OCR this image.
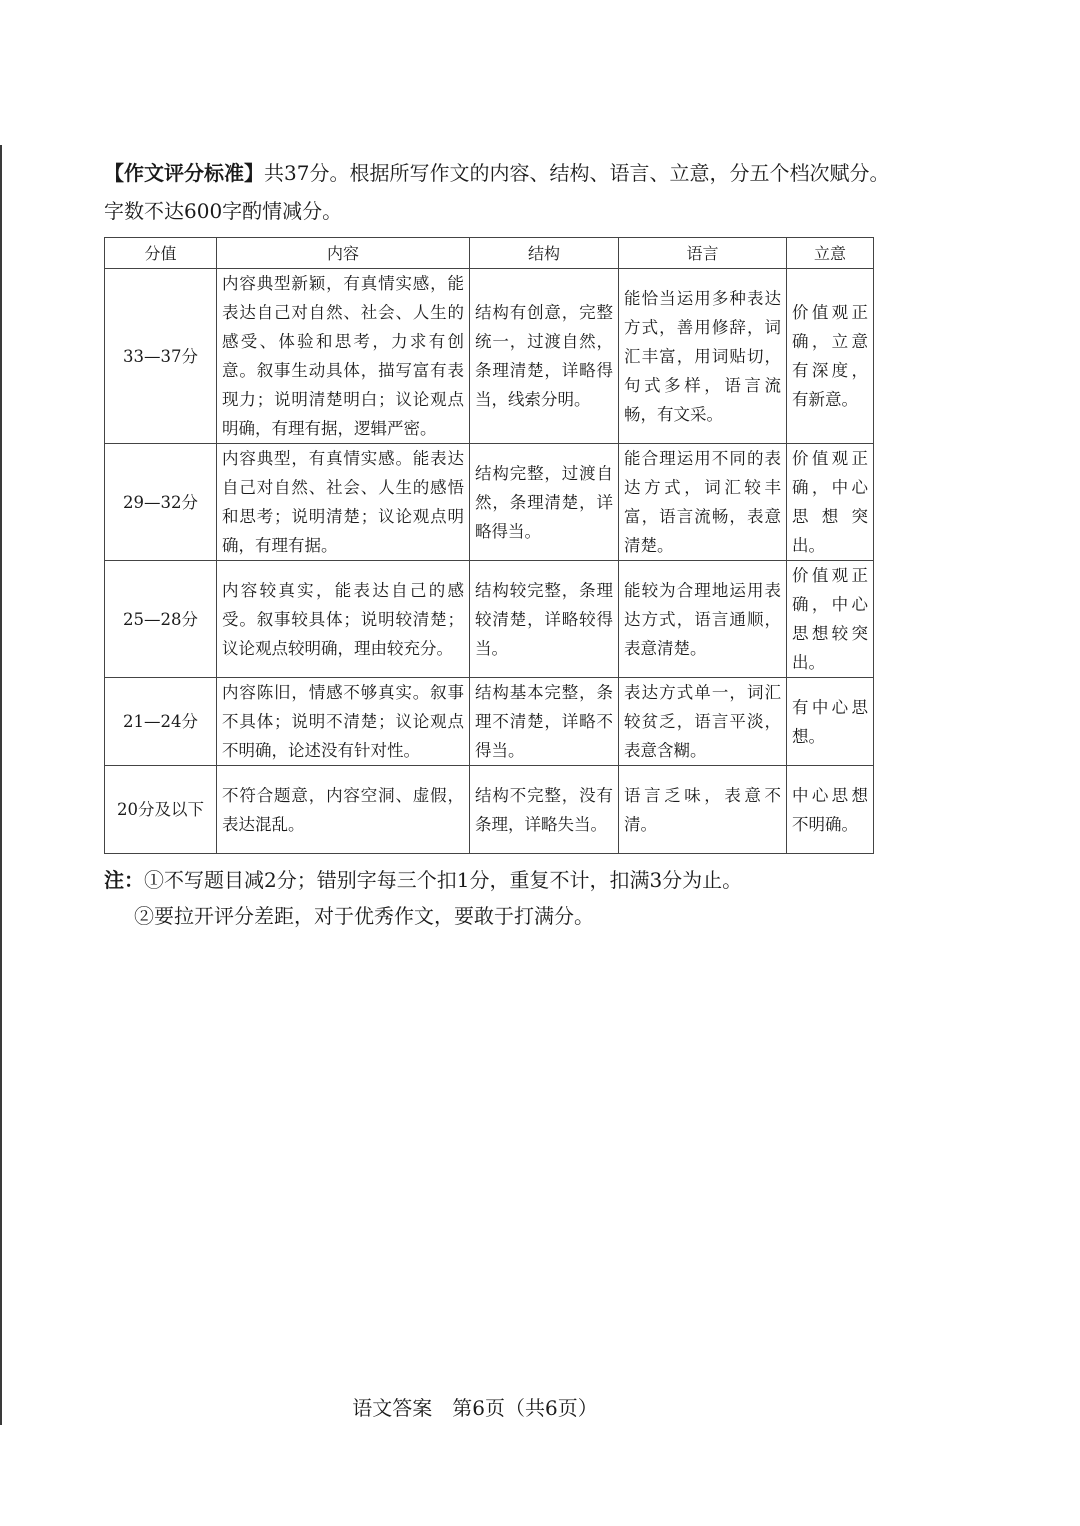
【作文评分标准】共37分。根据所写作文的内容、结构、语言、立意，分五个档次赋分。
字数不达600字酌情减分。
分值	内容	结构	语言	立意
33—37分	内容典型新颖，有真情实感，能表达自己对自然、社会、人生的感受、体验和思考，力求有创意。叙事生动具体，描写富有表现力；说明清楚明白；议论观点明确，有理有据，逻辑严密。	结构有创意，完整统一，过渡自然，条理清楚，详略得当，线索分明。	能恰当运用多种表达方式，善用修辞，词汇丰富，用词贴切，句式多样，语言流畅，有文采。	价值观正确，立意有深度，有新意。
29—32分	内容典型，有真情实感。能表达自己对自然、社会、人生的感悟和思考；说明清楚；议论观点明确，有理有据。	结构完整，过渡自然，条理清楚，详略得当。	能合理运用不同的表达方式，词汇较丰富，语言流畅，表意清楚。	价值观正确，中心思想突出。
25—28分	内容较真实，能表达自己的感受。叙事较具体；说明较清楚；议论观点较明确，理由较充分。	结构较完整，条理较清楚，详略较得当。	能较为合理地运用表达方式，语言通顺，表意清楚。	价值观正确，中心思想较突出。
21—24分	内容陈旧，情感不够真实。叙事不具体；说明不清楚；议论观点不明确，论述没有针对性。	结构基本完整，条理不清楚，详略不得当。	表达方式单一，词汇较贫乏，语言平淡，表意含糊。	有中心思想。
20分及以下	不符合题意，内容空洞、虚假，表达混乱。	结构不完整，没有条理，详略失当。	语言乏味，表意不清。	中心思想不明确。
注：①不写题目减2分；错别字每三个扣1分，重复不计，扣满3分为止。
②要拉开评分差距，对于优秀作文，要敢于打满分。
语文答案　第6页（共6页）
